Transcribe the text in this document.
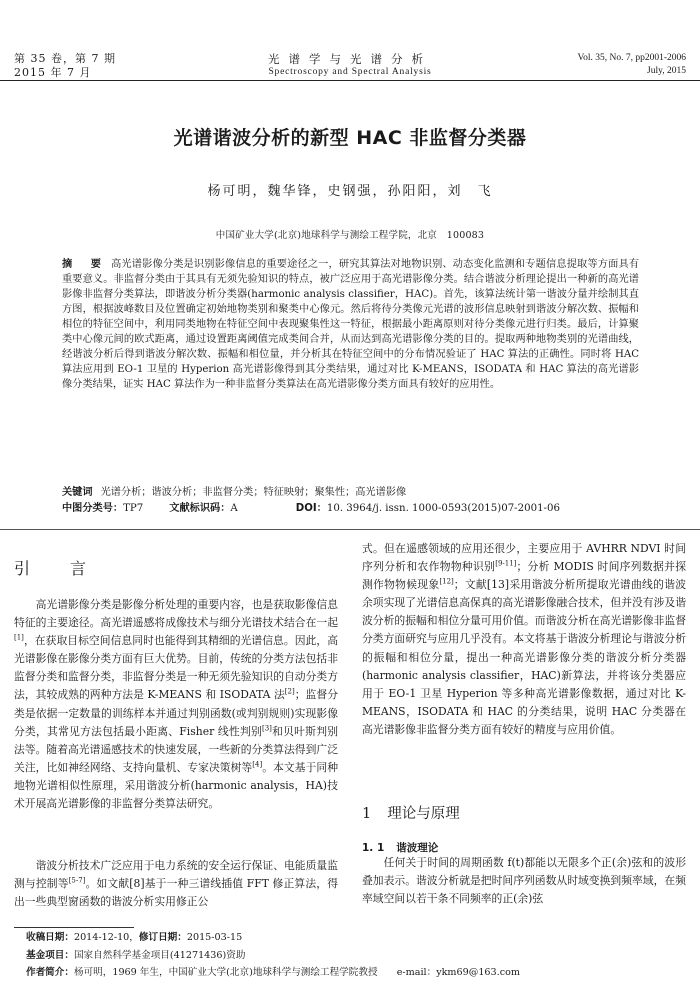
第 35 卷，第 7 期
2015 年 7 月
光谱学与光谱分析
Spectroscopy and Spectral Analysis
Vol. 35, No. 7, pp2001-2006
July, 2015
光谱谐波分析的新型 HAC 非监督分类器
杨可明，魏华锋，史钢强，孙阳阳，刘　飞
中国矿业大学(北京)地球科学与测绘工程学院，北京　100083
摘　要 高光谱影像分类是识别影像信息的重要途径之一，研究其算法对地物识别、动态变化监测和专题信息提取等方面具有重要意义。非监督分类由于其具有无须先验知识的特点，被广泛应用于高光谱影像分类。结合谐波分析理论提出一种新的高光谱影像非监督分类算法，即谐波分析分类器(harmonic analysis classifier，HAC)。首先，该算法统计第一谐波分量并绘制其直方图，根据波峰数目及位置确定初始地物类别和聚类中心像元。然后将待分类像元光谱的波形信息映射到谐波分解次数、振幅和相位的特征空间中，利用同类地物在特征空间中表现聚集性这一特征，根据最小距离原则对待分类像元进行归类。最后，计算聚类中心像元间的欧式距离，通过设置距离阈值完成类间合并，从而达到高光谱影像分类的目的。提取两种地物类别的光谱曲线，经谐波分析后得到谐波分解次数、振幅和相位量，并分析其在特征空间中的分布情况验证了 HAC 算法的正确性。同时将 HAC 算法应用到 EO-1 卫星的 Hyperion 高光谱影像得到其分类结果，通过对比 K-MEANS，ISODATA 和 HAC 算法的高光谱影像分类结果，证实 HAC 算法作为一种非监督分类算法在高光谱影像分类方面具有较好的应用性。
关键词 光谱分析；谐波分析；非监督分类；特征映射；聚集性；高光谱影像
中图分类号：TP7	文献标识码：A	DOI：10. 3964/j. issn. 1000-0593(2015)07-2001-06
引　言
高光谱影像分类是影像分析处理的重要内容，也是获取影像信息特征的主要途径。高光谱遥感将成像技术与细分光谱技术结合在一起[1]，在获取目标空间信息同时也能得到其精细的光谱信息。因此，高光谱影像在影像分类方面有巨大优势。目前，传统的分类方法包括非监督分类和监督分类，非监督分类是一种无须先验知识的自动分类方法，其较成熟的两种方法是 K-MEANS 和 ISODATA 法[2]；监督分类是依据一定数量的训练样本并通过判别函数(或判别规则)实现影像分类，其常见方法包括最小距离、Fisher 线性判别[3]和贝叶斯判别法等。随着高光谱遥感技术的快速发展，一些新的分类算法得到广泛关注，比如神经网络、支持向量机、专家决策树等[4]。本文基于同种地物光谱相似性原理，采用谐波分析(harmonic analysis，HA)技术开展高光谱影像的非监督分类算法研究。
谐波分析技术广泛应用于电力系统的安全运行保证、电能质量监测与控制等[5-7]。如文献[8]基于一种三谱线插值 FFT 修正算法，得出一些典型窗函数的谐波分析实用修正公
式。但在遥感领域的应用还很少，主要应用于 AVHRR NDVI 时间序列分析和农作物物种识别[9-11]；分析 MODIS 时间序列数据并探测作物物候现象[12]；文献[13]采用谐波分析所提取光谱曲线的谐波余项实现了光谱信息高保真的高光谱影像融合技术，但并没有涉及谐波分析的振幅和相位分量可用价值。而谐波分析在高光谱影像非监督分类方面研究与应用几乎没有。本文将基于谐波分析理论与谐波分析的振幅和相位分量，提出一种高光谱影像分类的谐波分析分类器(harmonic analysis classifier，HAC)新算法，并将该分类器应用于 EO-1 卫星 Hyperion 等多种高光谱影像数据，通过对比 K-MEANS，ISODATA 和 HAC 的分类结果，说明 HAC 分类器在高光谱影像非监督分类方面有较好的精度与应用价值。
1 理论与原理
1. 1 谐波理论
任何关于时间的周期函数 f(t)都能以无限多个正(余)弦和的波形叠加表示。谐波分析就是把时间序列函数从时域变换到频率域，在频率域空间以若干条不同频率的正(余)弦
收稿日期：2014-12-10，修订日期：2015-03-15
基金项目：国家自然科学基金项目(41271436)资助
作者简介：杨可明，1969 年生，中国矿业大学(北京)地球科学与测绘工程学院教授　　e-mail：ykm69@163.com
